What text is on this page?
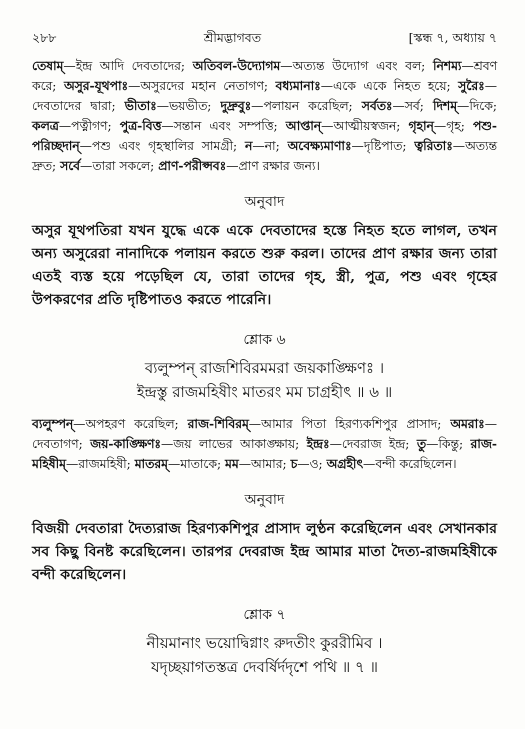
২৮৮	শ্রীমদ্ভাগবত	[স্কন্ধ ৭, অধ্যায় ৭

তেষাম্—ইন্দ্র আদি দেবতাদের; অতিবল-উদ্যোগম—অত্যন্ত উদ্যোগ এবং বল; নিশম্য—শ্রবণ করে; অসুর-যূথপাঃ—অসুরদের মহান নেতাগণ; বধ্যমানাঃ—একে একে নিহত হয়ে; সুরৈঃ—দেবতাদের দ্বারা; ভীতাঃ—ভয়ভীত; দুদ্রুবুঃ—পলায়ন করেছিল; সর্বতঃ—সর্ব; দিশম্—দিকে; কলত্র—পত্নীগণ; পুত্র-বিত্ত—সন্তান এবং সম্পত্তি; আপ্তান্—আত্মীয়স্বজন; গৃহান্—গৃহ; পশু-পরিচ্ছদান্—পশু এবং গৃহস্থালির সামগ্রী; ন—না; অবেক্ষ্যমাণাঃ—দৃষ্টিপাত; ত্বরিতাঃ—অত্যন্ত দ্রুত; সর্বে—তারা সকলে; প্রাণ-পরীপ্সবঃ—প্রাণ রক্ষার জন্য।

অনুবাদ

অসুর যূথপতিরা যখন যুদ্ধে একে একে দেবতাদের হস্তে নিহত হতে লাগল, তখন অন্য অসুরেরা নানাদিকে পলায়ন করতে শুরু করল। তাদের প্রাণ রক্ষার জন্য তারা এতই ব্যস্ত হয়ে পড়েছিল যে, তারা তাদের গৃহ, স্ত্রী, পুত্র, পশু এবং গৃহের উপকরণের প্রতি দৃষ্টিপাতও করতে পারেনি।

শ্লোক ৬
ব্যলুম্পন্ রাজশিবিরমমরা জয়কাঙ্ক্ষিণঃ ।
ইন্দ্রস্তু রাজমহিষীং মাতরং মম চাগ্রহীৎ ॥ ৬ ॥

ব্যলুম্পন্—অপহরণ করেছিল; রাজ-শিবিরম্—আমার পিতা হিরণ্যকশিপুর প্রাসাদ; অমরাঃ—দেবতাগণ; জয়-কাঙ্ক্ষিণঃ—জয় লাভের আকাঙ্ক্ষায়; ইন্দ্রঃ—দেবরাজ ইন্দ্র; তু—কিন্তু; রাজ-মহিষীম্—রাজমহিষী; মাতরম্—মাতাকে; মম—আমার; চ—ও; অগ্রহীৎ—বন্দী করেছিলেন।

অনুবাদ

বিজয়ী দেবতারা দৈত্যরাজ হিরণ্যকশিপুর প্রাসাদ লুণ্ঠন করেছিলেন এবং সেখানকার সব কিছু বিনষ্ট করেছিলেন। তারপর দেবরাজ ইন্দ্র আমার মাতা দৈত্য-রাজমহিষীকে বন্দী করেছিলেন।

শ্লোক ৭
নীয়মানাং ভয়োদ্বিগ্নাং রুদতীং কুররীমিব ।
যদৃচ্ছয়াগতস্তত্র দেবর্ষির্দদৃশে পথি ॥ ৭ ॥
